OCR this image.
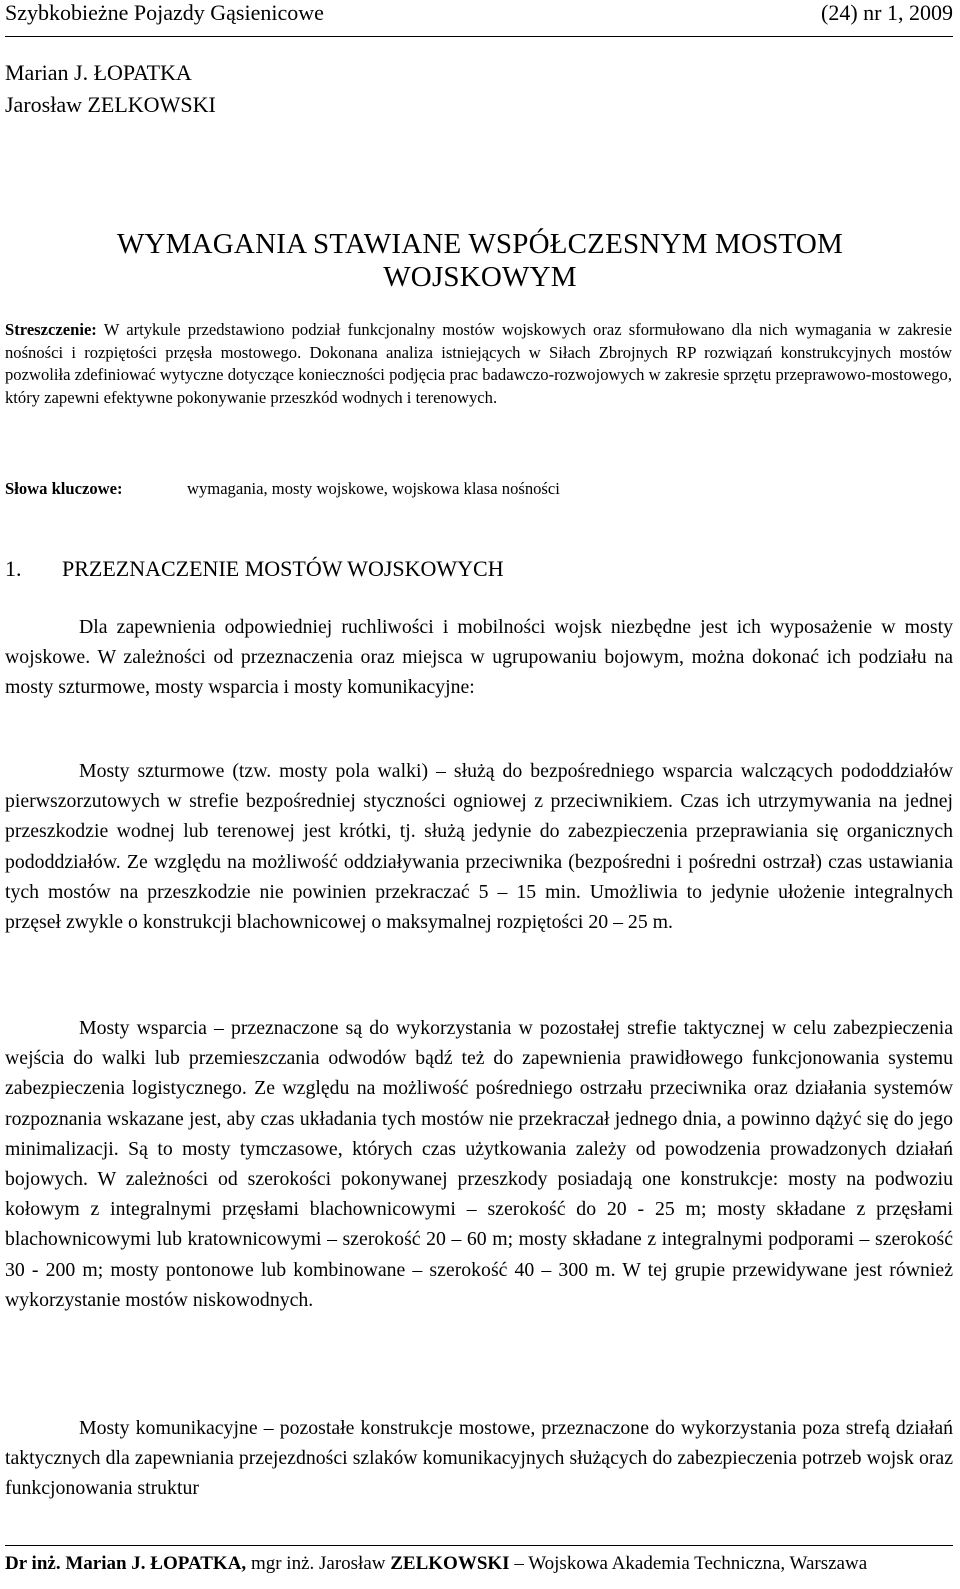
Szybkobieżne Pojazdy Gąsienicowe	(24) nr 1, 2009
Marian J. ŁOPATKA
Jarosław ZELKOWSKI
WYMAGANIA STAWIANE WSPÓŁCZESNYM MOSTOM
WOJSKOWYM
Streszczenie: W artykule przedstawiono podział funkcjonalny mostów wojskowych oraz sformułowano dla nich wymagania w zakresie nośności i rozpiętości przęsła mostowego. Dokonana analiza istniejących w Siłach Zbrojnych RP rozwiązań konstrukcyjnych mostów pozwoliła zdefiniować wytyczne dotyczące konieczności podjęcia prac badawczo-rozwojowych w zakresie sprzętu przeprawowo-mostowego, który zapewni efektywne pokonywanie przeszkód wodnych i terenowych.
Słowa kluczowe:	wymagania, mosty wojskowe, wojskowa klasa nośności
1.	PRZEZNACZENIE MOSTÓW WOJSKOWYCH

Dla zapewnienia odpowiedniej ruchliwości i mobilności wojsk niezbędne jest ich wyposażenie w mosty wojskowe. W zależności od przeznaczenia oraz miejsca w ugrupowaniu bojowym, można dokonać ich podziału na mosty szturmowe, mosty wsparcia i mosty komunikacyjne:

Mosty szturmowe (tzw. mosty pola walki) – służą do bezpośredniego wsparcia walczących pododdziałów pierwszorzutowych w strefie bezpośredniej styczności ogniowej z przeciwnikiem. Czas ich utrzymywania na jednej przeszkodzie wodnej lub terenowej jest krótki, tj. służą jedynie do zabezpieczenia przeprawiania się organicznych pododdziałów. Ze względu na możliwość oddziaływania przeciwnika (bezpośredni i pośredni ostrzał) czas ustawiania tych mostów na przeszkodzie nie powinien przekraczać 5 – 15 min. Umożliwia to jedynie ułożenie integralnych przęseł zwykle o konstrukcji blachownicowej o maksymalnej rozpiętości 20 – 25 m.

Mosty wsparcia – przeznaczone są do wykorzystania w pozostałej strefie taktycznej w celu zabezpieczenia wejścia do walki lub przemieszczania odwodów bądź też do zapewnienia prawidłowego funkcjonowania systemu zabezpieczenia logistycznego. Ze względu na możliwość pośredniego ostrzału przeciwnika oraz działania systemów rozpoznania wskazane jest, aby czas układania tych mostów nie przekraczał jednego dnia, a powinno dążyć się do jego minimalizacji. Są to mosty tymczasowe, których czas użytkowania zależy od powodzenia prowadzonych działań bojowych. W zależności od szerokości pokonywanej przeszkody posiadają one konstrukcje: mosty na podwoziu kołowym z integralnymi przęsłami blachownicowymi – szerokość do 20 - 25 m; mosty składane z przęsłami blachownicowymi lub kratownicowymi – szerokość 20 – 60 m; mosty składane z integralnymi podporami – szerokość 30 - 200 m; mosty pontonowe lub kombinowane – szerokość 40 – 300 m. W tej grupie przewidywane jest również wykorzystanie mostów niskowodnych.

Mosty komunikacyjne – pozostałe konstrukcje mostowe, przeznaczone do wykorzystania poza strefą działań taktycznych dla zapewniania przejezdności szlaków komunikacyjnych służących do zabezpieczenia potrzeb wojsk oraz funkcjonowania struktur

Dr inż. Marian J. ŁOPATKA, mgr inż. Jarosław ZELKOWSKI – Wojskowa Akademia Techniczna, Warszawa
